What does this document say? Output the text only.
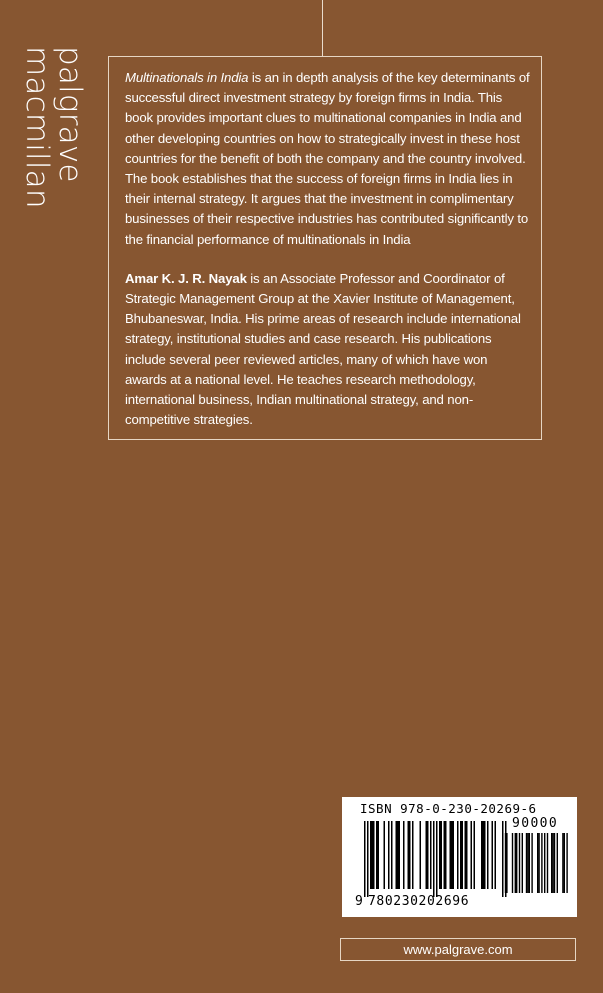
palgrave
macmillan	Multinationals in India is an in depth analysis of the key determinants of successful direct investment strategy by foreign firms in India. This book provides important clues to multinational companies in India and other developing countries on how to strategically invest in these host countries for the benefit of both the company and the country involved. The book establishes that the success of foreign firms in India lies in their internal strategy. It argues that the investment in complimentary businesses of their respective industries has contributed significantly to the financial performance of multinationals in India

Amar K. J. R. Nayak is an Associate Professor and Coordinator of Strategic Management Group at the Xavier Institute of Management, Bhubaneswar, India. His prime areas of research include international strategy, institutional studies and case research. His publications include several peer reviewed articles, many of which have won awards at a national level. He teaches research methodology, international business, Indian multinational strategy, and non-competitive strategies.

ISBN 978-0-230-20269-6
9 780230202696
90000
www.palgrave.com
